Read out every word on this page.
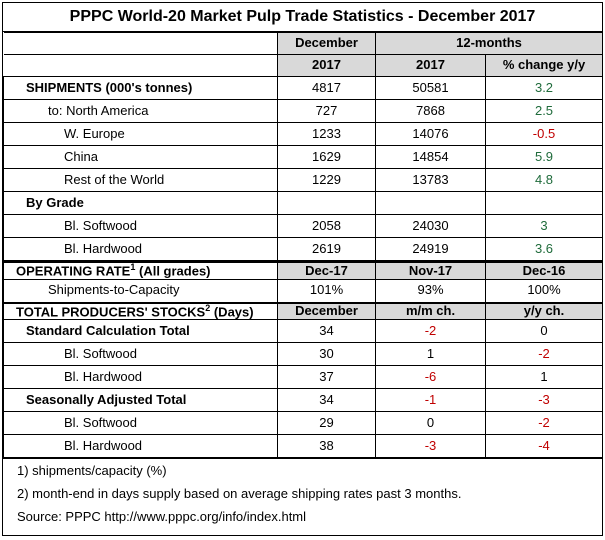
PPPC World-20 Market Pulp Trade Statistics - December 2017
	December	12-months	
	2017	2017	% change y/y
SHIPMENTS (000's tonnes)	4817	50581	3.2
to: North America	727	7868	2.5
W. Europe	1233	14076	-0.5
China	1629	14854	5.9
Rest of the World	1229	13783	4.8
By Grade			
Bl. Softwood	2058	24030	3
Bl. Hardwood	2619	24919	3.6
OPERATING RATE$^1$ (All grades)	Dec-17	Nov-17	Dec-16
Shipments-to-Capacity	101%	93%	100%
TOTAL PRODUCERS' STOCKS$^2$ (Days)	December	m/m ch.	y/y ch.
Standard Calculation Total	34	-2	0
Bl. Softwood	30	1	-2
Bl. Hardwood	37	-6	1
Seasonally Adjusted Total	34	-1	-3
Bl. Softwood	29	0	-2
Bl. Hardwood	38	-3	-4
1) shipments/capacity (%)
2) month-end in days supply based on average shipping rates past 3 months.
Source: PPPC http://www.pppc.org/info/index.html
